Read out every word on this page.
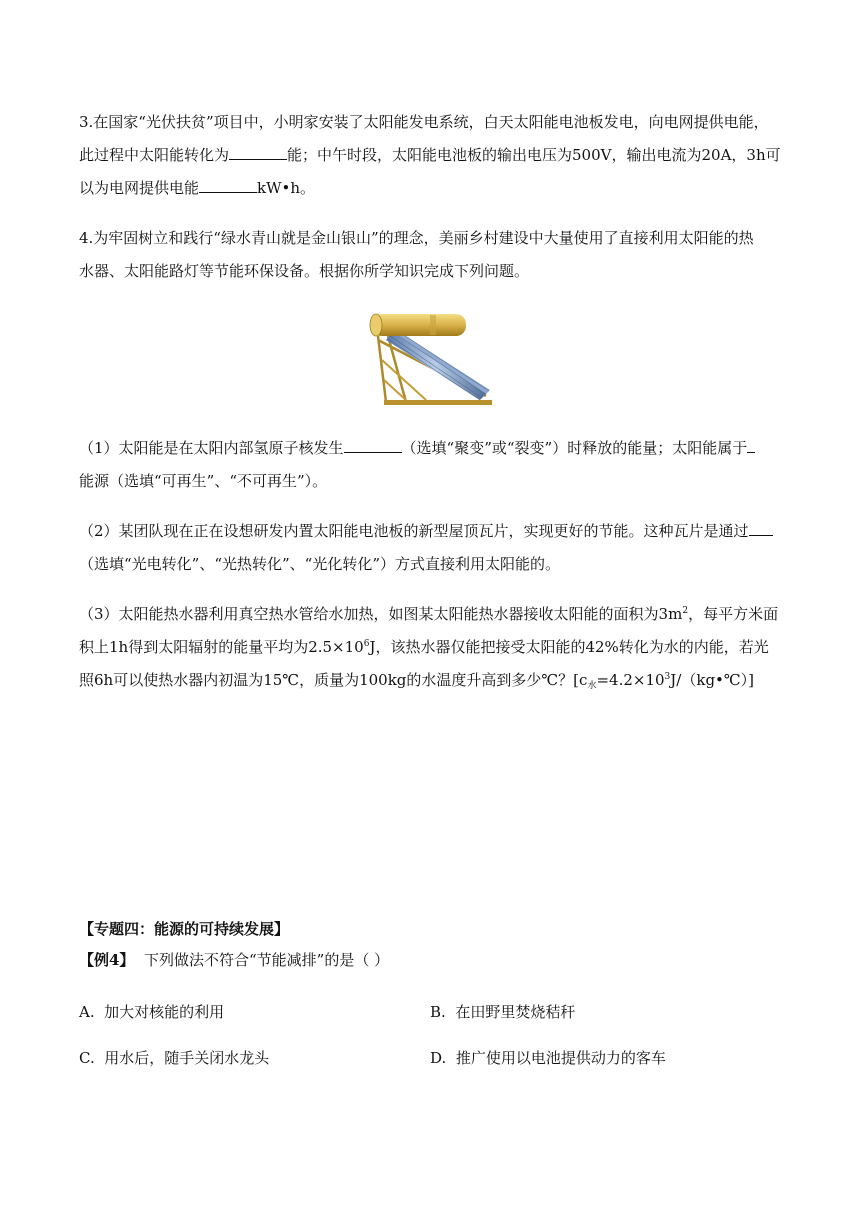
3.在国家“光伏扶贫”项目中，小明家安装了太阳能发电系统，白天太阳能电池板发电，向电网提供电能，
此过程中太阳能转化为	能；中午时段，太阳能电池板的输出电压为500V，输出电流为20A，3h可
以为电网提供电能	kW•h。
4.为牢固树立和践行“绿水青山就是金山银山”的理念，美丽乡村建设中大量使用了直接利用太阳能的热
水器、太阳能路灯等节能环保设备。根据你所学知识完成下列问题。
（1）太阳能是在太阳内部氢原子核发生	（选填“聚变”或“裂变”）时释放的能量；太阳能属于
能源（选填“可再生”、“不可再生”）。
（2）某团队现在正在设想研发内置太阳能电池板的新型屋顶瓦片，实现更好的节能。这种瓦片是通过
（选填“光电转化”、“光热转化”、“光化转化”）方式直接利用太阳能的。
（3）太阳能热水器利用真空热水管给水加热，如图某太阳能热水器接收太阳能的面积为$3m^2$，每平方米面
积上1h得到太阳辐射的能量平均为$2.5\times 10^6J$，该热水器仅能把接受太阳能的42%转化为水的内能，若光
照6h可以使热水器内初温为15℃，质量为100kg的水温度升高到多少℃？$[c_水=4.2\times 10^3J/(kg•℃)]$
【专题四：能源的可持续发展】
【例4】 下列做法不符合“节能减排”的是（ ）
A. 加大对核能的利用	B. 在田野里焚烧秸秆
C. 用水后，随手关闭水龙头	D. 推广使用以电池提供动力的客车
